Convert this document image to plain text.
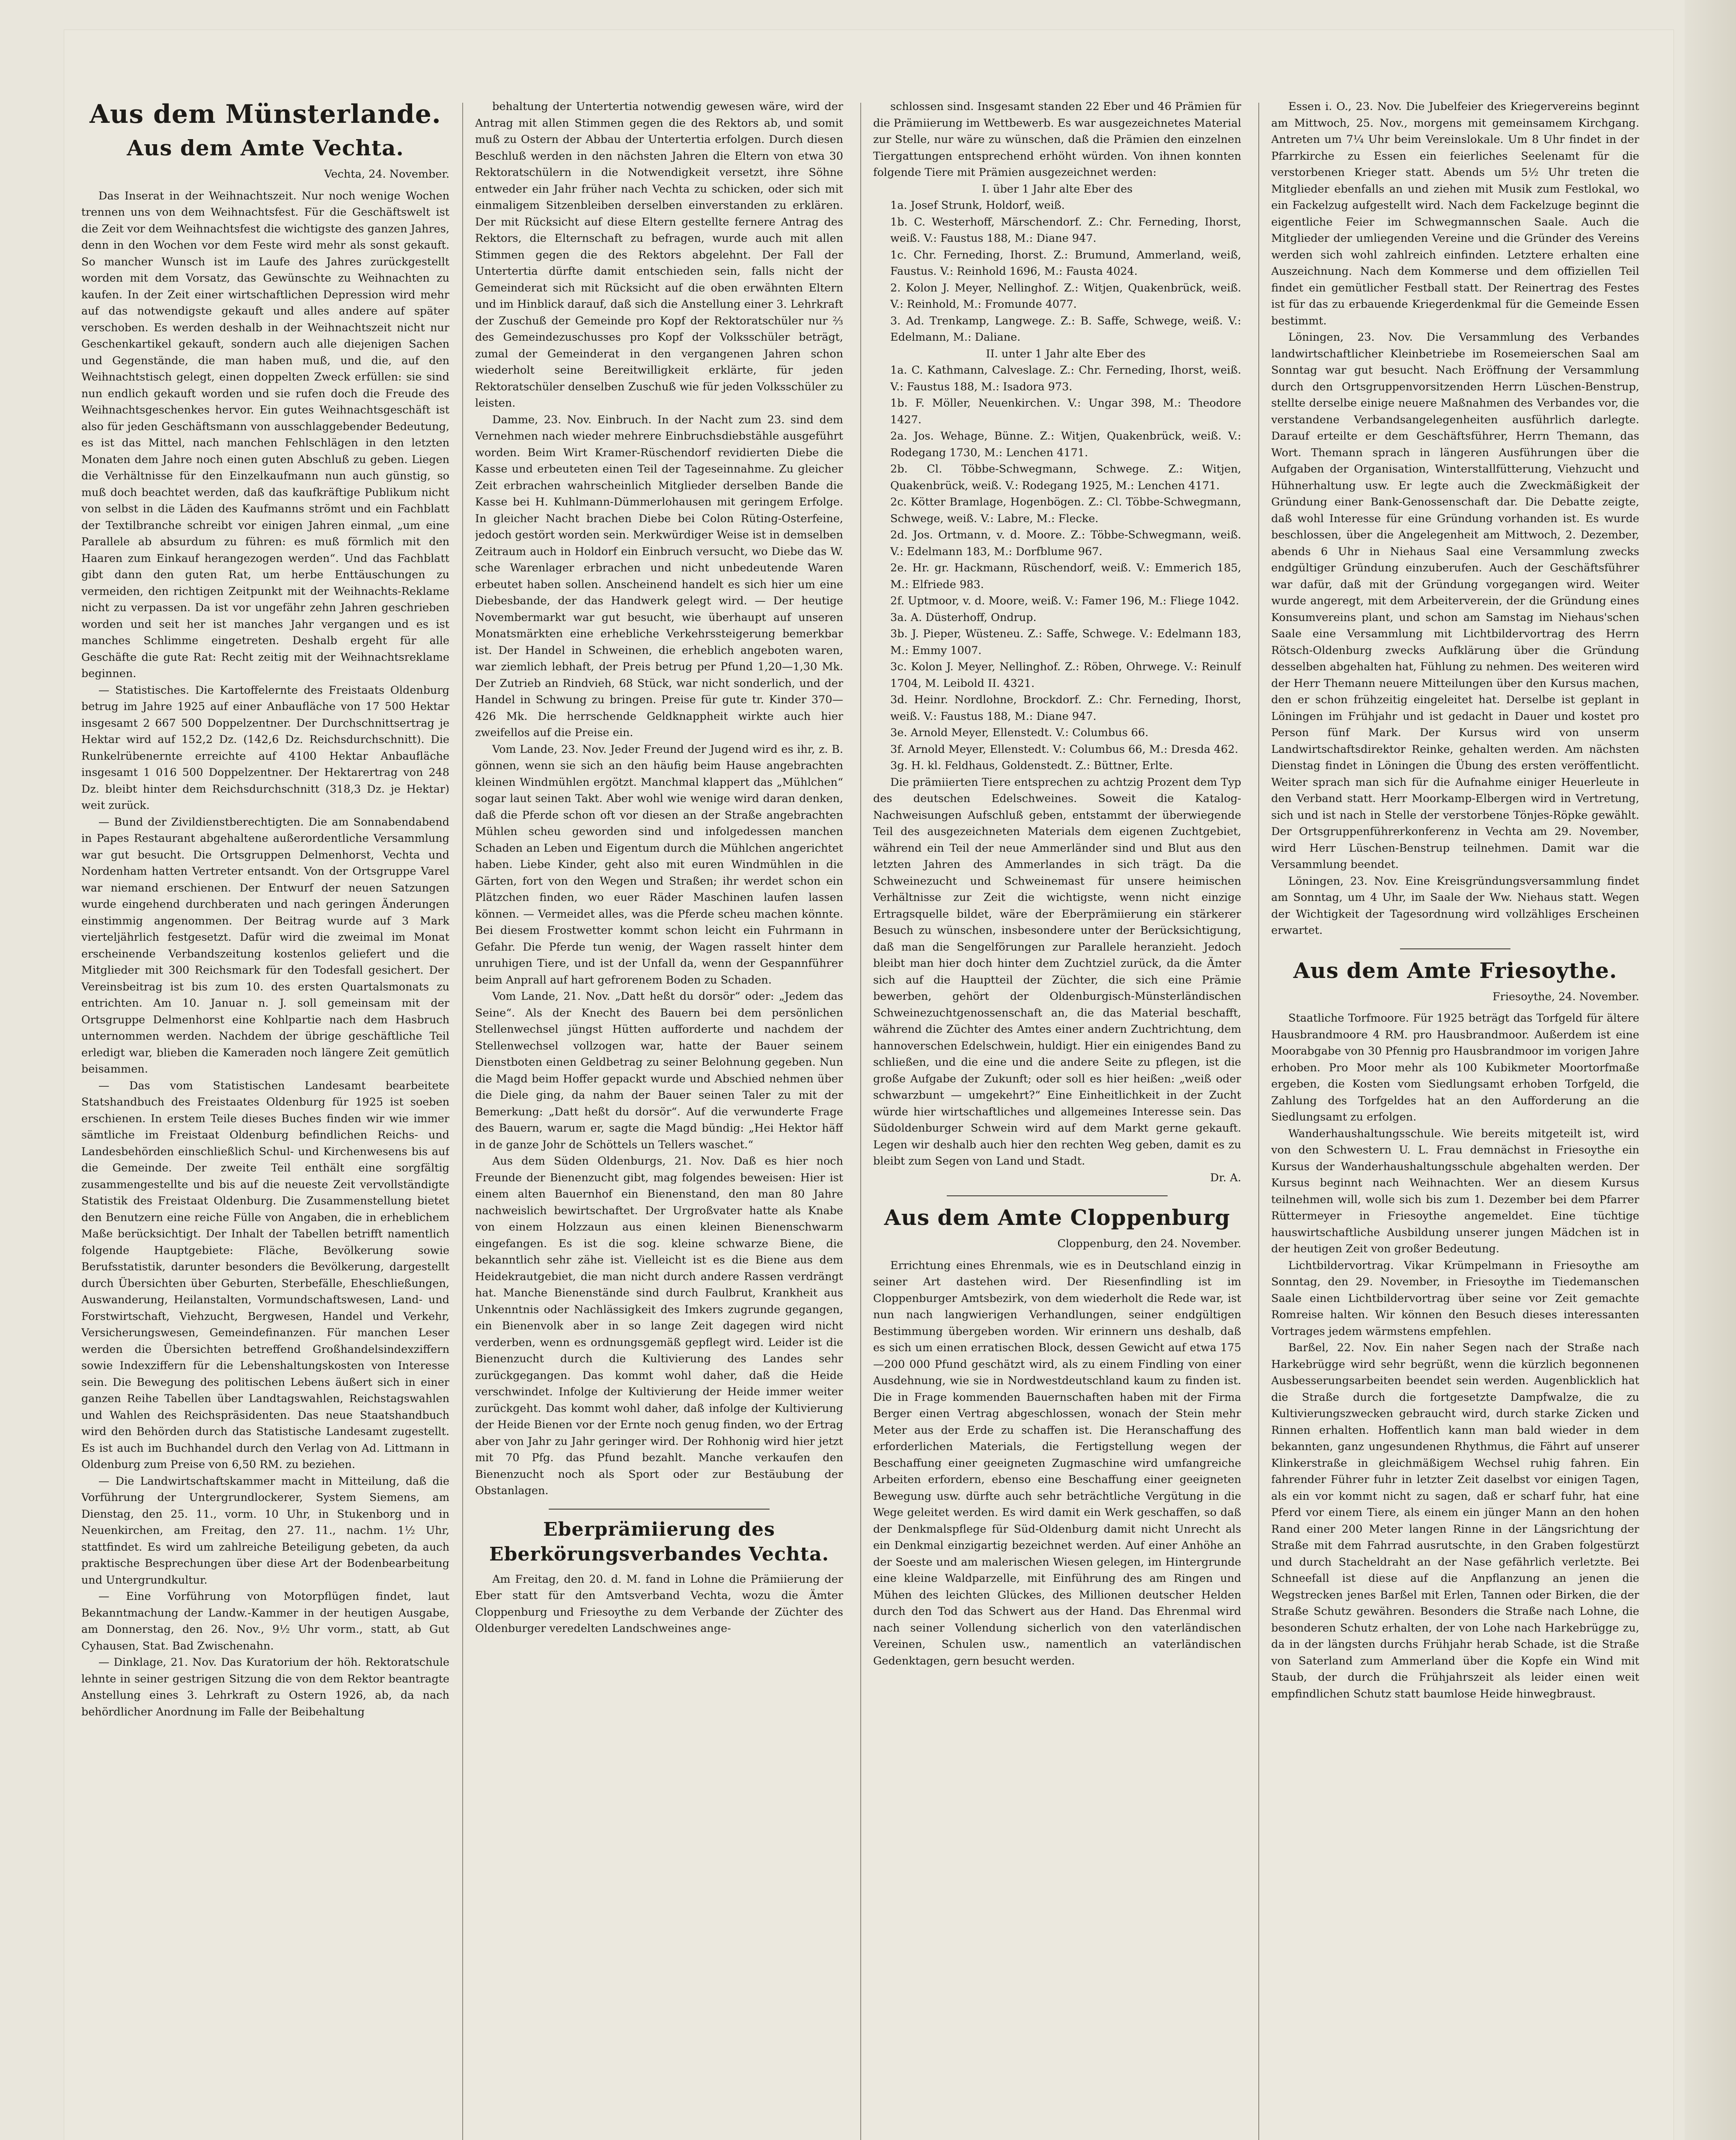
Aus dem Münsterlande.
Aus dem Amte Vechta.

Vechta, 24. November.

Das Inserat in der Weihnachtszeit. Nur noch wenige Wochen trennen uns von dem Weihnachtsfest. Für die Geschäftswelt ist die Zeit vor dem Weihnachtsfest die wichtigste des ganzen Jahres, denn in den Wochen vor dem Feste wird mehr als sonst gekauft. So mancher Wunsch ist im Laufe des Jahres zurückgestellt worden mit dem Vorsatz, das Gewünschte zu Weihnachten zu kaufen. In der Zeit einer wirtschaftlichen Depression wird mehr auf das notwendigste gekauft und alles andere auf später verschoben. Es werden deshalb in der Weihnachtszeit nicht nur Geschenkartikel gekauft, sondern auch alle diejenigen Sachen und Gegenstände, die man haben muß, und die, auf den Weihnachtstisch gelegt, einen doppelten Zweck erfüllen: sie sind nun endlich gekauft worden und sie rufen doch die Freude des Weihnachtsgeschenkes hervor. Ein gutes Weihnachtsgeschäft ist also für jeden Geschäftsmann von ausschlaggebender Bedeutung, es ist das Mittel, nach manchen Fehlschlägen in den letzten Monaten dem Jahre noch einen guten Abschluß zu geben. Liegen die Verhältnisse für den Einzelkaufmann nun auch günstig, so muß doch beachtet werden, daß das kaufkräftige Publikum nicht von selbst in die Läden des Kaufmanns strömt und ein Fachblatt der Textilbranche schreibt vor einigen Jahren einmal, „um eine Parallele ab absurdum zu führen: es muß förmlich mit den Haaren zum Einkauf herangezogen werden“. Und das Fachblatt gibt dann den guten Rat, um herbe Enttäuschungen zu vermeiden, den richtigen Zeitpunkt mit der Weihnachts-Reklame nicht zu verpassen. Da ist vor ungefähr zehn Jahren geschrieben worden und seit her ist manches Jahr vergangen und es ist manches Schlimme eingetreten. Deshalb ergeht für alle Geschäfte die gute Rat: Recht zeitig mit der Weihnachtsreklame beginnen.

— Statistisches. Die Kartoffelernte des Freistaats Oldenburg betrug im Jahre 1925 auf einer Anbaufläche von 17 500 Hektar insgesamt 2 667 500 Doppelzentner. Der Durchschnittsertrag je Hektar wird auf 152,2 Dz. (142,6 Dz. Reichsdurchschnitt). Die Runkelrübenernte erreichte auf 4100 Hektar Anbaufläche insgesamt 1 016 500 Doppelzentner. Der Hektarertrag von 248 Dz. bleibt hinter dem Reichsdurchschnitt (318,3 Dz. je Hektar) weit zurück.

— Bund der Zivildienstberechtigten. Die am Sonnabendabend in Papes Restaurant abgehaltene außerordentliche Versammlung war gut besucht. Die Ortsgruppen Delmenhorst, Vechta und Nordenham hatten Vertreter entsandt. Von der Ortsgruppe Varel war niemand erschienen. Der Entwurf der neuen Satzungen wurde eingehend durchberaten und nach geringen Änderungen einstimmig angenommen. Der Beitrag wurde auf 3 Mark vierteljährlich festgesetzt. Dafür wird die zweimal im Monat erscheinende Verbandszeitung kostenlos geliefert und die Mitglieder mit 300 Reichsmark für den Todesfall gesichert. Der Vereinsbeitrag ist bis zum 10. des ersten Quartalsmonats zu entrichten. Am 10. Januar n. J. soll gemeinsam mit der Ortsgruppe Delmenhorst eine Kohlpartie nach dem Hasbruch unternommen werden. Nachdem der übrige geschäftliche Teil erledigt war, blieben die Kameraden noch längere Zeit gemütlich beisammen.

— Das vom Statistischen Landesamt bearbeitete Statshandbuch des Freistaates Oldenburg für 1925 ist soeben erschienen. In erstem Teile dieses Buches finden wir wie immer sämtliche im Freistaat Oldenburg befindlichen Reichs- und Landesbehörden einschließlich Schul- und Kirchenwesens bis auf die Gemeinde. Der zweite Teil enthält eine sorgfältig zusammengestellte und bis auf die neueste Zeit vervollständigte Statistik des Freistaat Oldenburg. Die Zusammenstellung bietet den Benutzern eine reiche Fülle von Angaben, die in erheblichem Maße berücksichtigt. Der Inhalt der Tabellen betrifft namentlich folgende Hauptgebiete: Fläche, Bevölkerung sowie Berufsstatistik, darunter besonders die Bevölkerung, dargestellt durch Übersichten über Geburten, Sterbefälle, Eheschließungen, Auswanderung, Heilanstalten, Vormundschaftswesen, Land- und Forstwirtschaft, Viehzucht, Bergwesen, Handel und Verkehr, Versicherungswesen, Gemeindefinanzen. Für manchen Leser werden die Übersichten betreffend Großhandelsindexziffern sowie Indexziffern für die Lebenshaltungskosten von Interesse sein. Die Bewegung des politischen Lebens äußert sich in einer ganzen Reihe Tabellen über Landtagswahlen, Reichstagswahlen und Wahlen des Reichspräsidenten. Das neue Staatshandbuch wird den Behörden durch das Statistische Landesamt zugestellt. Es ist auch im Buchhandel durch den Verlag von Ad. Littmann in Oldenburg zum Preise von 6,50 RM. zu beziehen.

— Die Landwirtschaftskammer macht in Mitteilung, daß die Vorführung der Untergrundlockerer, System Siemens, am Dienstag, den 25. 11., vorm. 10 Uhr, in Stukenborg und in Neuenkirchen, am Freitag, den 27. 11., nachm. 1½ Uhr, stattfindet. Es wird um zahlreiche Beteiligung gebeten, da auch praktische Besprechungen über diese Art der Bodenbearbeitung und Untergrundkultur.

— Eine Vorführung von Motorpflügen findet, laut Bekanntmachung der Landw.-Kammer in der heutigen Ausgabe, am Donnerstag, den 26. Nov., 9½ Uhr vorm., statt, ab Gut Cyhausen, Stat. Bad Zwischenahn.

— Dinklage, 21. Nov. Das Kuratorium der höh. Rektoratschule lehnte in seiner gestrigen Sitzung die von dem Rektor beantragte Anstellung eines 3. Lehrkraft zu Ostern 1926, ab, da nach behördlicher Anordnung im Falle der Beibehaltung

behaltung der Untertertia notwendig gewesen wäre, wird der Antrag mit allen Stimmen gegen die des Rektors ab, und somit muß zu Ostern der Abbau der Untertertia erfolgen. Durch diesen Beschluß werden in den nächsten Jahren die Eltern von etwa 30 Rektoratschülern in die Notwendigkeit versetzt, ihre Söhne entweder ein Jahr früher nach Vechta zu schicken, oder sich mit einmaligem Sitzenbleiben derselben einverstanden zu erklären. Der mit Rücksicht auf diese Eltern gestellte fernere Antrag des Rektors, die Elternschaft zu befragen, wurde auch mit allen Stimmen gegen die des Rektors abgelehnt. Der Fall der Untertertia dürfte damit entschieden sein, falls nicht der Gemeinderat sich mit Rücksicht auf die oben erwähnten Eltern und im Hinblick darauf, daß sich die Anstellung einer 3. Lehrkraft der Zuschuß der Gemeinde pro Kopf der Rektoratschüler nur ⅔ des Gemeindezuschusses pro Kopf der Volksschüler beträgt, zumal der Gemeinderat in den vergangenen Jahren schon wiederholt seine Bereitwilligkeit erklärte, für jeden Rektoratschüler denselben Zuschuß wie für jeden Volksschüler zu leisten.

Damme, 23. Nov. Einbruch. In der Nacht zum 23. sind dem Vernehmen nach wieder mehrere Einbruchsdiebstähle ausgeführt worden. Beim Wirt Kramer-Rüschendorf revidierten Diebe die Kasse und erbeuteten einen Teil der Tageseinnahme. Zu gleicher Zeit erbrachen wahrscheinlich Mitglieder derselben Bande die Kasse bei H. Kuhlmann-Dümmerlohausen mit geringem Erfolge. In gleicher Nacht brachen Diebe bei Colon Rüting-Osterfeine, jedoch gestört worden sein. Merkwürdiger Weise ist in demselben Zeitraum auch in Holdorf ein Einbruch versucht, wo Diebe das W. sche Warenlager erbrachen und nicht unbedeutende Waren erbeutet haben sollen. Anscheinend handelt es sich hier um eine Diebesbande, der das Handwerk gelegt wird. — Der heutige Novembermarkt war gut besucht, wie überhaupt auf unseren Monatsmärkten eine erhebliche Verkehrssteigerung bemerkbar ist. Der Handel in Schweinen, die erheblich angeboten waren, war ziemlich lebhaft, der Preis betrug per Pfund 1,20—1,30 Mk. Der Zutrieb an Rindvieh, 68 Stück, war nicht sonderlich, und der Handel in Schwung zu bringen. Preise für gute tr. Kinder 370—426 Mk. Die herrschende Geldknappheit wirkte auch hier zweifellos auf die Preise ein.

Vom Lande, 23. Nov. Jeder Freund der Jugend wird es ihr, z. B. gönnen, wenn sie sich an den häufig beim Hause angebrachten kleinen Windmühlen ergötzt. Manchmal klappert das „Mühlchen“ sogar laut seinen Takt. Aber wohl wie wenige wird daran denken, daß die Pferde schon oft vor diesen an der Straße angebrachten Mühlen scheu geworden sind und infolgedessen manchen Schaden an Leben und Eigentum durch die Mühlchen angerichtet haben. Liebe Kinder, geht also mit euren Windmühlen in die Gärten, fort von den Wegen und Straßen; ihr werdet schon ein Plätzchen finden, wo euer Räder Maschinen laufen lassen können. — Vermeidet alles, was die Pferde scheu machen könnte. Bei diesem Frostwetter kommt schon leicht ein Fuhrmann in Gefahr. Die Pferde tun wenig, der Wagen rasselt hinter dem unruhigen Tiere, und ist der Unfall da, wenn der Gespannführer beim Anprall auf hart gefrorenem Boden zu Schaden.

Vom Lande, 21. Nov. „Datt heßt du dorsör“ oder: „Jedem das Seine“. Als der Knecht des Bauern bei dem persönlichen Stellenwechsel jüngst Hütten aufforderte und nachdem der Stellenwechsel vollzogen war, hatte der Bauer seinem Dienstboten einen Geldbetrag zu seiner Belohnung gegeben. Nun die Magd beim Hoffer gepackt wurde und Abschied nehmen über die Diele ging, da nahm der Bauer seinen Taler zu mit der Bemerkung: „Datt heßt du dorsör“. Auf die verwunderte Frage des Bauern, warum er, sagte die Magd bündig: „Hei Hektor häff in de ganze Johr de Schöttels un Tellers waschet.“

Aus dem Süden Oldenburgs, 21. Nov. Daß es hier noch Freunde der Bienenzucht gibt, mag folgendes beweisen: Hier ist einem alten Bauernhof ein Bienenstand, den man 80 Jahre nachweislich bewirtschaftet. Der Urgroßvater hatte als Knabe von einem Holzzaun aus einen kleinen Bienenschwarm eingefangen. Es ist die sog. kleine schwarze Biene, die bekanntlich sehr zähe ist. Vielleicht ist es die Biene aus dem Heidekrautgebiet, die man nicht durch andere Rassen verdrängt hat. Manche Bienenstände sind durch Faulbrut, Krankheit aus Unkenntnis oder Nachlässigkeit des Imkers zugrunde gegangen, ein Bienenvolk aber in so lange Zeit dagegen wird nicht verderben, wenn es ordnungsgemäß gepflegt wird. Leider ist die Bienenzucht durch die Kultivierung des Landes sehr zurückgegangen. Das kommt wohl daher, daß die Heide verschwindet. Infolge der Kultivierung der Heide immer weiter zurückgeht. Das kommt wohl daher, daß infolge der Kultivierung der Heide Bienen vor der Ernte noch genug finden, wo der Ertrag aber von Jahr zu Jahr geringer wird. Der Rohhonig wird hier jetzt mit 70 Pfg. das Pfund bezahlt. Manche verkaufen den Bienenzucht noch als Sport oder zur Bestäubung der Obstanlagen.

Eberprämiierung des Eberkörungsverbandes Vechta.

Am Freitag, den 20. d. M. fand in Lohne die Prämiierung der Eber statt für den Amtsverband Vechta, wozu die Ämter Cloppenburg und Friesoythe zu dem Verbande der Züchter des Oldenburger veredelten Landschweines ange-

schlossen sind. Insgesamt standen 22 Eber und 46 Prämien für die Prämiierung im Wettbewerb. Es war ausgezeichnetes Material zur Stelle, nur wäre zu wünschen, daß die Prämien den einzelnen Tiergattungen entsprechend erhöht würden. Von ihnen konnten folgende Tiere mit Prämien ausgezeichnet werden:

I. über 1 Jahr alte Eber des

1a. Josef Strunk, Holdorf, weiß.

1b. C. Westerhoff, Märschendorf. Z.: Chr. Ferneding, Ihorst, weiß. V.: Faustus 188, M.: Diane 947.

1c. Chr. Ferneding, Ihorst. Z.: Brumund, Ammerland, weiß, Faustus. V.: Reinhold 1696, M.: Fausta 4024.

2. Kolon J. Meyer, Nellinghof. Z.: Witjen, Quakenbrück, weiß. V.: Reinhold, M.: Fromunde 4077.

3. Ad. Trenkamp, Langwege. Z.: B. Saffe, Schwege, weiß. V.: Edelmann, M.: Daliane.

II. unter 1 Jahr alte Eber des

1a. C. Kathmann, Calveslage. Z.: Chr. Ferneding, Ihorst, weiß. V.: Faustus 188, M.: Isadora 973.

1b. F. Möller, Neuenkirchen. V.: Ungar 398, M.: Theodore 1427.

2a. Jos. Wehage, Bünne. Z.: Witjen, Quakenbrück, weiß. V.: Rodegang 1730, M.: Lenchen 4171.

2b. Cl. Többe-Schwegmann, Schwege. Z.: Witjen, Quakenbrück, weiß. V.: Rodegang 1925, M.: Lenchen 4171.

2c. Kötter Bramlage, Hogenbögen. Z.: Cl. Többe-Schwegmann, Schwege, weiß. V.: Labre, M.: Flecke.

2d. Jos. Ortmann, v. d. Moore. Z.: Többe-Schwegmann, weiß. V.: Edelmann 183, M.: Dorfblume 967.

2e. Hr. gr. Hackmann, Rüschendorf, weiß. V.: Emmerich 185, M.: Elfriede 983.

2f. Uptmoor, v. d. Moore, weiß. V.: Famer 196, M.: Fliege 1042.

3a. A. Düsterhoff, Ondrup.

3b. J. Pieper, Wüsteneu. Z.: Saffe, Schwege. V.: Edelmann 183, M.: Emmy 1007.

3c. Kolon J. Meyer, Nellinghof. Z.: Röben, Ohrwege. V.: Reinulf 1704, M. Leibold II. 4321.

3d. Heinr. Nordlohne, Brockdorf. Z.: Chr. Ferneding, Ihorst, weiß. V.: Faustus 188, M.: Diane 947.

3e. Arnold Meyer, Ellenstedt. V.: Columbus 66.

3f. Arnold Meyer, Ellenstedt. V.: Columbus 66, M.: Dresda 462.

3g. H. kl. Feldhaus, Goldenstedt. Z.: Büttner, Erlte.

Die prämiierten Tiere entsprechen zu achtzig Prozent dem Typ des deutschen Edelschweines. Soweit die Katalog-Nachweisungen Aufschluß geben, entstammt der überwiegende Teil des ausgezeichneten Materials dem eigenen Zuchtgebiet, während ein Teil der neue Ammerländer sind und Blut aus den letzten Jahren des Ammerlandes in sich trägt. Da die Schweinezucht und Schweinemast für unsere heimischen Verhältnisse zur Zeit die wichtigste, wenn nicht einzige Ertragsquelle bildet, wäre der Eberprämiierung ein stärkerer Besuch zu wünschen, insbesondere unter der Berücksichtigung, daß man die Sengelförungen zur Parallele heranzieht. Jedoch bleibt man hier doch hinter dem Zuchtziel zurück, da die Ämter sich auf die Hauptteil der Züchter, die sich eine Prämie bewerben, gehört der Oldenburgisch-Münsterländischen Schweinezuchtgenossenschaft an, die das Material beschafft, während die Züchter des Amtes einer andern Zuchtrichtung, dem hannoverschen Edelschwein, huldigt. Hier ein einigendes Band zu schließen, und die eine und die andere Seite zu pflegen, ist die große Aufgabe der Zukunft; oder soll es hier heißen: „weiß oder schwarzbunt — umgekehrt?“ Eine Einheitlichkeit in der Zucht würde hier wirtschaftliches und allgemeines Interesse sein. Das Südoldenburger Schwein wird auf dem Markt gerne gekauft. Legen wir deshalb auch hier den rechten Weg geben, damit es zu bleibt zum Segen von Land und Stadt.

Dr. A.

Aus dem Amte Cloppenburg

Cloppenburg, den 24. November.

Errichtung eines Ehrenmals, wie es in Deutschland einzig in seiner Art dastehen wird. Der Riesenfindling ist im Cloppenburger Amtsbezirk, von dem wiederholt die Rede war, ist nun nach langwierigen Verhandlungen, seiner endgültigen Bestimmung übergeben worden. Wir erinnern uns deshalb, daß es sich um einen erratischen Block, dessen Gewicht auf etwa 175—200 000 Pfund geschätzt wird, als zu einem Findling von einer Ausdehnung, wie sie in Nordwestdeutschland kaum zu finden ist. Die in Frage kommenden Bauernschaften haben mit der Firma Berger einen Vertrag abgeschlossen, wonach der Stein mehr Meter aus der Erde zu schaffen ist. Die Heranschaffung des erforderlichen Materials, die Fertigstellung wegen der Beschaffung einer geeigneten Zugmaschine wird umfangreiche Arbeiten erfordern, ebenso eine Beschaffung einer geeigneten Bewegung usw. dürfte auch sehr beträchtliche Vergütung in die Wege geleitet werden. Es wird damit ein Werk geschaffen, so daß der Denkmalspflege für Süd-Oldenburg damit nicht Unrecht als ein Denkmal einzigartig bezeichnet werden. Auf einer Anhöhe an der Soeste und am malerischen Wiesen gelegen, im Hintergrunde eine kleine Waldparzelle, mit Einführung des am Ringen und Mühen des leichten Glückes, des Millionen deutscher Helden durch den Tod das Schwert aus der Hand. Das Ehrenmal wird nach seiner Vollendung sicherlich von den vaterländischen Vereinen, Schulen usw., namentlich an vaterländischen Gedenktagen, gern besucht werden.

Essen i. O., 23. Nov. Die Jubelfeier des Kriegervereins beginnt am Mittwoch, 25. Nov., morgens mit gemeinsamem Kirchgang. Antreten um 7¼ Uhr beim Vereinslokale. Um 8 Uhr findet in der Pfarrkirche zu Essen ein feierliches Seelenamt für die verstorbenen Krieger statt. Abends um 5½ Uhr treten die Mitglieder ebenfalls an und ziehen mit Musik zum Festlokal, wo ein Fackelzug aufgestellt wird. Nach dem Fackelzuge beginnt die eigentliche Feier im Schwegmannschen Saale. Auch die Mitglieder der umliegenden Vereine und die Gründer des Vereins werden sich wohl zahlreich einfinden. Letztere erhalten eine Auszeichnung. Nach dem Kommerse und dem offiziellen Teil findet ein gemütlicher Festball statt. Der Reinertrag des Festes ist für das zu erbauende Kriegerdenkmal für die Gemeinde Essen bestimmt.

Löningen, 23. Nov. Die Versammlung des Verbandes landwirtschaftlicher Kleinbetriebe im Rosemeierschen Saal am Sonntag war gut besucht. Nach Eröffnung der Versammlung durch den Ortsgruppenvorsitzenden Herrn Lüschen-Benstrup, stellte derselbe einige neuere Maßnahmen des Verbandes vor, die verstandene Verbandsangelegenheiten ausführlich darlegte. Darauf erteilte er dem Geschäftsführer, Herrn Themann, das Wort. Themann sprach in längeren Ausführungen über die Aufgaben der Organisation, Winterstallfütterung, Viehzucht und Hühnerhaltung usw. Er legte auch die Zweckmäßigkeit der Gründung einer Bank-Genossenschaft dar. Die Debatte zeigte, daß wohl Interesse für eine Gründung vorhanden ist. Es wurde beschlossen, über die Angelegenheit am Mittwoch, 2. Dezember, abends 6 Uhr in Niehaus Saal eine Versammlung zwecks endgültiger Gründung einzuberufen. Auch der Geschäftsführer war dafür, daß mit der Gründung vorgegangen wird. Weiter wurde angeregt, mit dem Arbeiterverein, der die Gründung eines Konsumvereins plant, und schon am Samstag im Niehaus'schen Saale eine Versammlung mit Lichtbildervortrag des Herrn Rötsch-Oldenburg zwecks Aufklärung über die Gründung desselben abgehalten hat, Fühlung zu nehmen. Des weiteren wird der Herr Themann neuere Mitteilungen über den Kursus machen, den er schon frühzeitig eingeleitet hat. Derselbe ist geplant in Löningen im Frühjahr und ist gedacht in Dauer und kostet pro Person fünf Mark. Der Kursus wird von unserm Landwirtschaftsdirektor Reinke, gehalten werden. Am nächsten Dienstag findet in Löningen die Übung des ersten veröffentlicht. Weiter sprach man sich für die Aufnahme einiger Heuerleute in den Verband statt. Herr Moorkamp-Elbergen wird in Vertretung, sich und ist nach in Stelle der verstorbene Tönjes-Röpke gewählt. Der Ortsgruppenführerkonferenz in Vechta am 29. November, wird Herr Lüschen-Benstrup teilnehmen. Damit war die Versammlung beendet.

Löningen, 23. Nov. Eine Kreisgründungsversammlung findet am Sonntag, um 4 Uhr, im Saale der Ww. Niehaus statt. Wegen der Wichtigkeit der Tagesordnung wird vollzähliges Erscheinen erwartet.

Aus dem Amte Friesoythe.

Friesoythe, 24. November.

Staatliche Torfmoore. Für 1925 beträgt das Torfgeld für ältere Hausbrandmoore 4 RM. pro Hausbrandmoor. Außerdem ist eine Moorabgabe von 30 Pfennig pro Hausbrandmoor im vorigen Jahre erhoben. Pro Moor mehr als 100 Kubikmeter Moortorfmaße ergeben, die Kosten vom Siedlungsamt erhoben Torfgeld, die Zahlung des Torfgeldes hat an den Aufforderung an die Siedlungsamt zu erfolgen.

Wanderhaushaltungsschule. Wie bereits mitgeteilt ist, wird von den Schwestern U. L. Frau demnächst in Friesoythe ein Kursus der Wanderhaushaltungsschule abgehalten werden. Der Kursus beginnt nach Weihnachten. Wer an diesem Kursus teilnehmen will, wolle sich bis zum 1. Dezember bei dem Pfarrer Rüttermeyer in Friesoythe angemeldet. Eine tüchtige hauswirtschaftliche Ausbildung unserer jungen Mädchen ist in der heutigen Zeit von großer Bedeutung.

Lichtbildervortrag. Vikar Krümpelmann in Friesoythe am Sonntag, den 29. November, in Friesoythe im Tiedemanschen Saale einen Lichtbildervortrag über seine vor Zeit gemachte Romreise halten. Wir können den Besuch dieses interessanten Vortrages jedem wärmstens empfehlen.

Barßel, 22. Nov. Ein naher Segen nach der Straße nach Harkebrügge wird sehr begrüßt, wenn die kürzlich begonnenen Ausbesserungsarbeiten beendet sein werden. Augenblicklich hat die Straße durch die fortgesetzte Dampfwalze, die zu Kultivierungszwecken gebraucht wird, durch starke Zicken und Rinnen erhalten. Hoffentlich kann man bald wieder in dem bekannten, ganz ungesundenen Rhythmus, die Fährt auf unserer Klinkerstraße in gleichmäßigem Wechsel ruhig fahren. Ein fahrender Führer fuhr in letzter Zeit daselbst vor einigen Tagen, als ein vor kommt nicht zu sagen, daß er scharf fuhr, hat eine Pferd vor einem Tiere, als einem ein jünger Mann an den hohen Rand einer 200 Meter langen Rinne in der Längsrichtung der Straße mit dem Fahrrad ausrutschte, in den Graben folgestürzt und durch Stacheldraht an der Nase gefährlich verletzte. Bei Schneefall ist diese auf die Anpflanzung an jenen die Wegstrecken jenes Barßel mit Erlen, Tannen oder Birken, die der Straße Schutz gewähren. Besonders die Straße nach Lohne, die besonderen Schutz erhalten, der von Lohe nach Harkebrügge zu, da in der längsten durchs Frühjahr herab Schade, ist die Straße von Saterland zum Ammerland über die Kopfe ein Wind mit Staub, der durch die Frühjahrszeit als leider einen weit empfindlichen Schutz statt baumlose Heide hinwegbraust.
